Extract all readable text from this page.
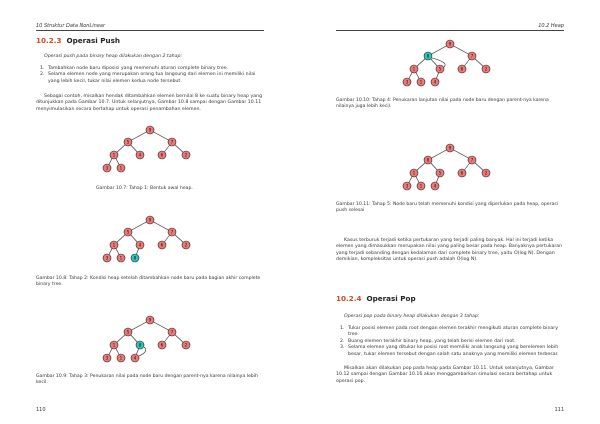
10 Struktur Data NonLinear
10.2.3 Operasi Push
Operasi push pada binary heap dilakukan dengan 2 tahap:
1. Tambahkan node baru diposisi yang memenuhi aturan complete binary tree.
2. Selama elemen node yang merupakan orang tua langsung dari elemen ini memiliki nilai yang lebih kecil, tukar nilai elemen kedua node tersebut.
Sebagai contoh, misalkan hendak ditambahkan elemen bernilai 8 ke suatu binary heap yang ditunjukkan pada Gambar 10.7. Untuk selanjutnya, Gambar 10.8 sampai dengan Gambar 10.11 menyimulasikan secara bertahap untuk operasi penambahan elemen.
9
5	7
1	4	6	2
3	1
Gambar 10.7: Tahap 1: Bentuk awal heap.
9
5	7
1	4	6	2
3	1	8
Gambar 10.8: Tahap 2: Kondisi heap setelah ditambahkan node baru pada bagian akhir complete binary tree.
9
5	7
1	8	6	2
3	1	4
Gambar 10.9: Tahap 3: Penukaran nilai pada node baru dengan parent-nya karena nilainya lebih kecil.
110
10.2 Heap
9
8	7
1	5	6	2
3	1	4
Gambar 10.10: Tahap 4: Penukaran lanjutan nilai pada node baru dengan parent-nya karena nilainya juga lebih kecil.
9
8	7
1	5	6	2
3	1	4
Gambar 10.11: Tahap 5: Node baru telah memenuhi kondisi yang diperlukan pada heap, operasi push selesai
Kasus terburuk terjadi ketika pertukaran yang terjadi paling banyak. Hal ini terjadi ketika elemen yang dimasukkan merupakan nilai yang paling besar pada heap. Banyaknya pertukaran yang terjadi sebanding dengan kedalaman dari complete binary tree, yaitu O(log N). Dengan demikian, kompleksitas untuk operasi push adalah O(log N).
10.2.4 Operasi Pop
Operasi pop pada binary heap dilakukan dengan 3 tahap:
1. Tukar posisi elemen pada root dengan elemen terakhir mengikuti aturan complete binary tree.
2. Buang elemen terakhir binary heap, yang telah berisi elemen dari root.
3. Selama elemen yang ditukar ke posisi root memiliki anak langsung yang berelemen lebih besar, tukar elemen tersebut dengan salah satu anaknya yang memiliki elemen terbesar.
Misalkan akan dilakukan pop pada heap pada Gambar 10.11. Untuk selanjutnya, Gambar 10.12 sampai dengan Gambar 10.16 akan menggambarkan simulasi secara bertahap untuk operasi pop.
111
